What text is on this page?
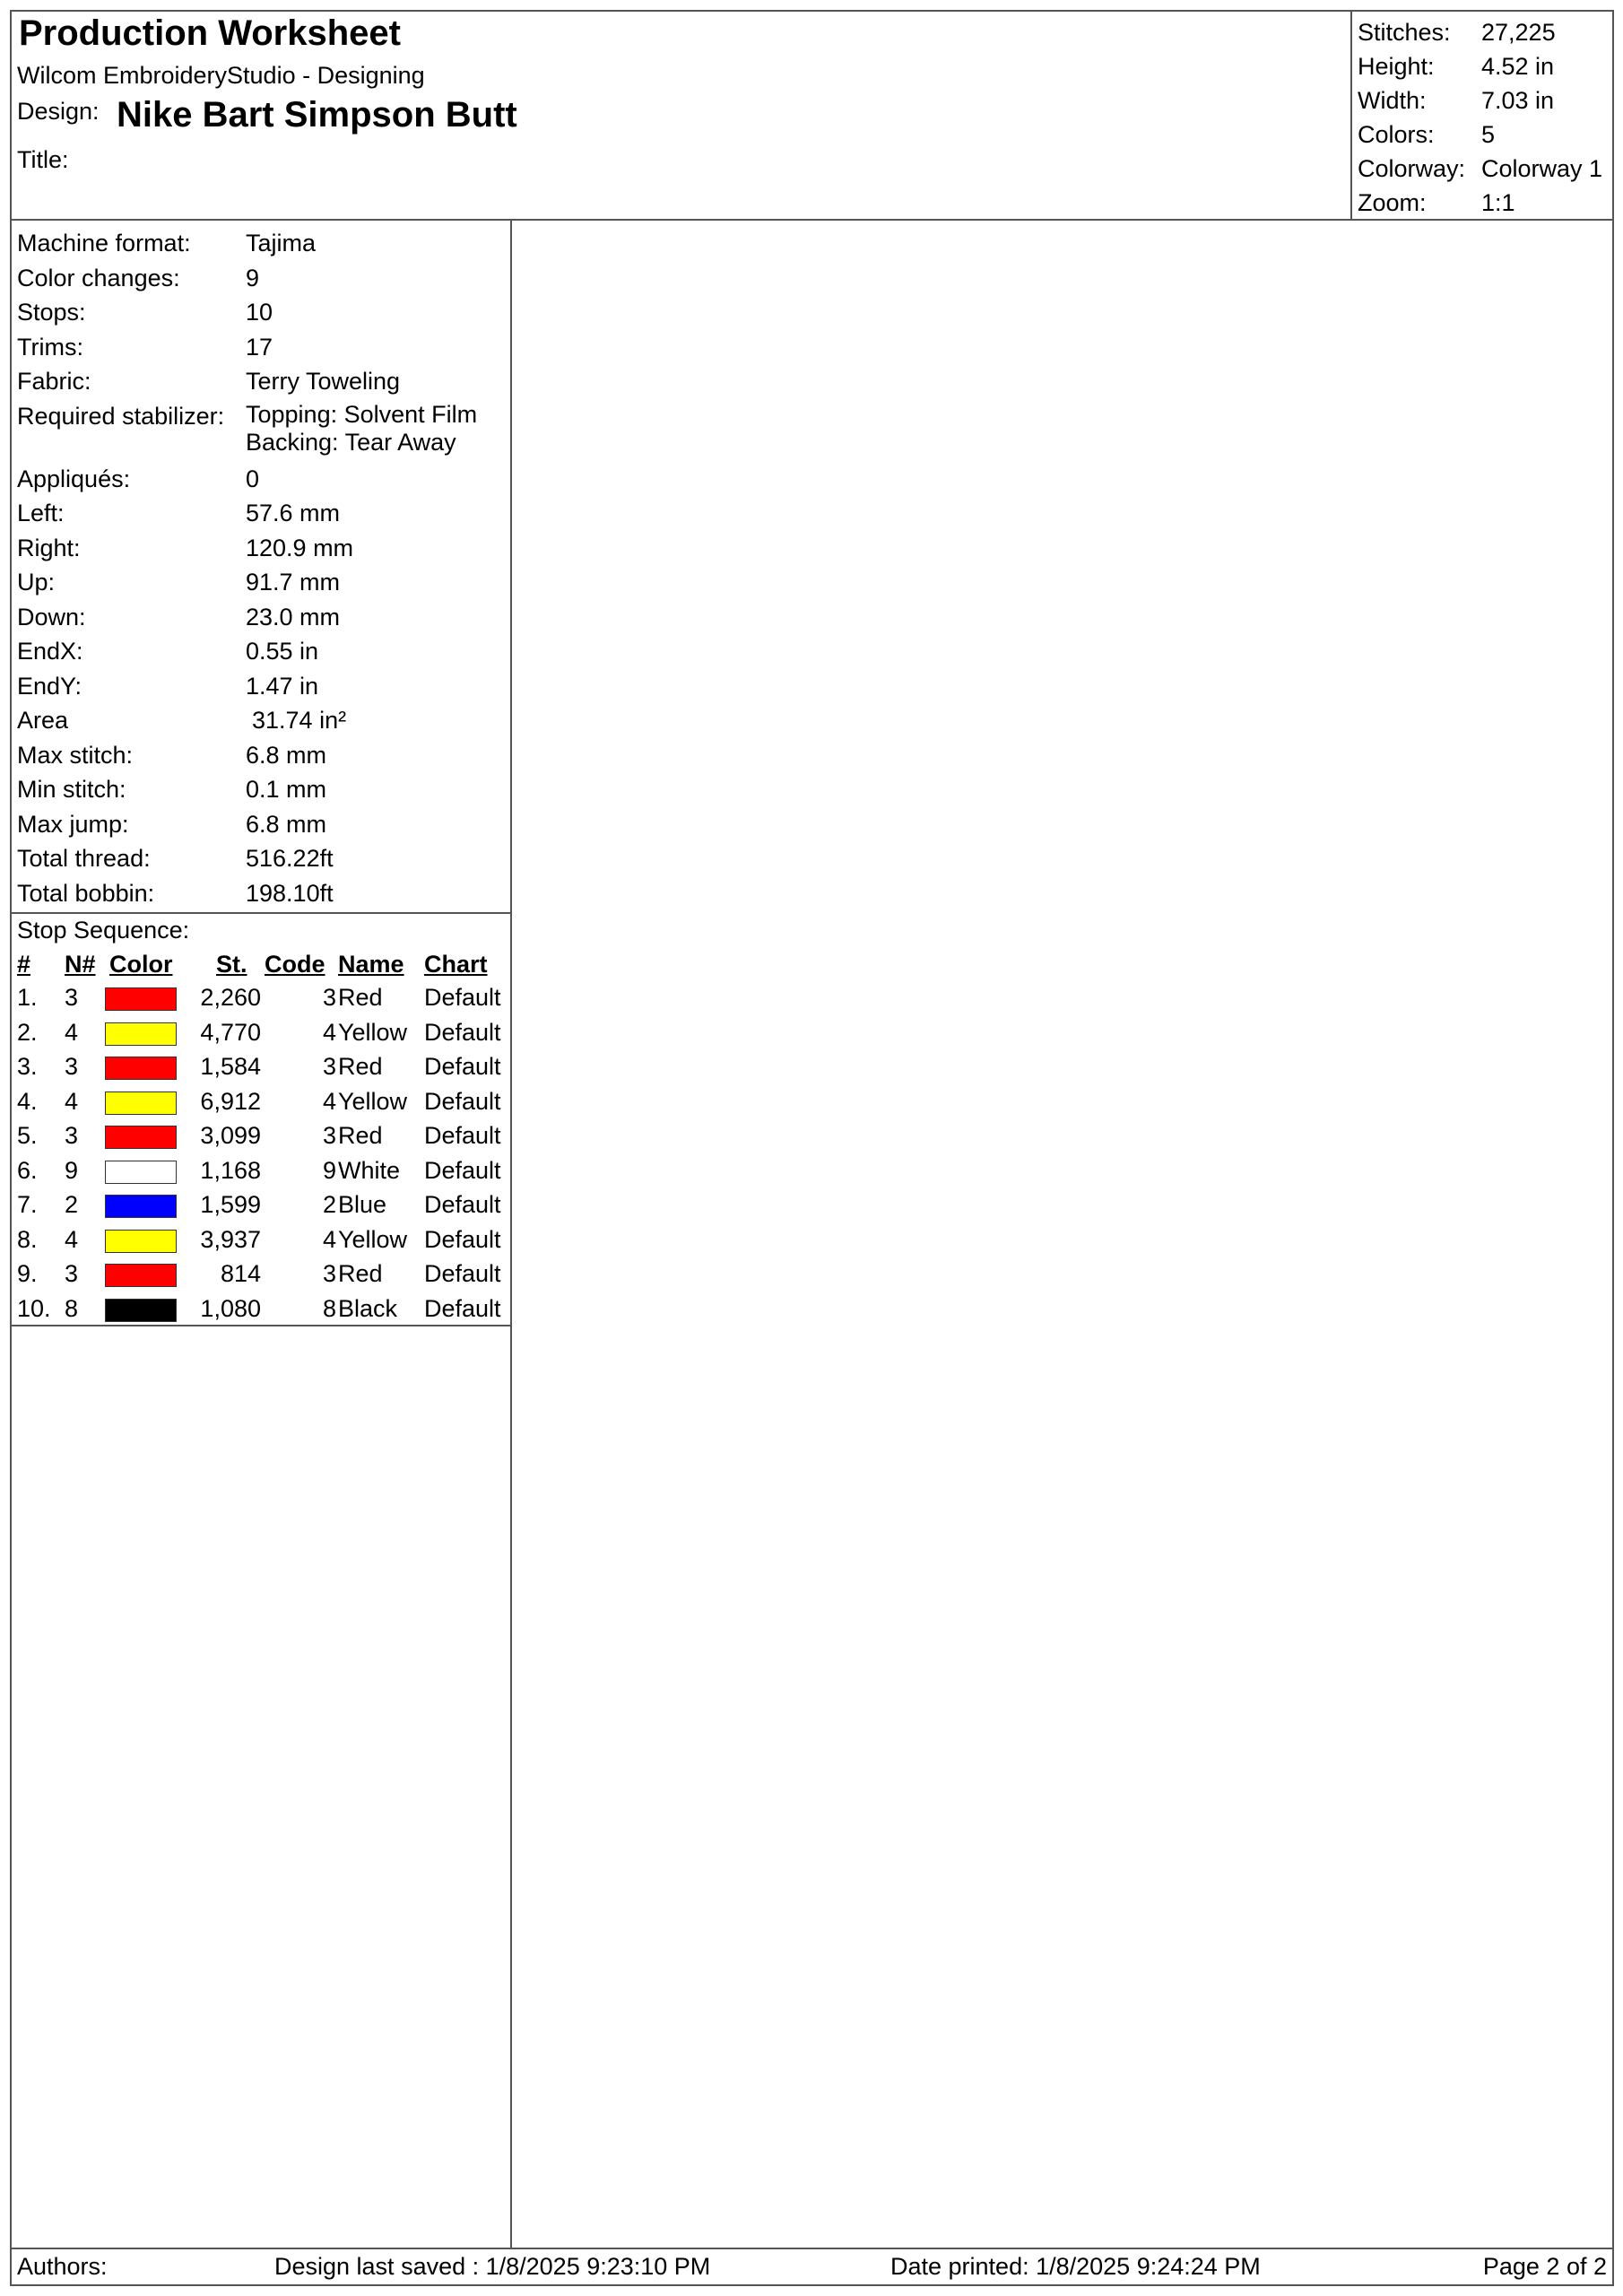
Production Worksheet
Wilcom EmbroideryStudio - Designing
Design: Nike Bart Simpson Butt
Title:
Stitches: 27,225
Height: 4.52 in
Width: 7.03 in
Colors: 5
Colorway: Colorway 1
Zoom: 1:1
Machine format: Tajima
Color changes:	9
Stops:	10
Trims:	17
Fabric:	Terry Toweling
Required stabilizer: Topping: Solvent Film
Backing: Tear Away
Appliqués:	0
Left:	57.6 mm
Right:	120.9 mm
Up:	91.7 mm
Down:	23.0 mm
EndX:	0.55 in
EndY:	1.47 in
Area	31.74 in²
Max stitch:	6.8 mm
Min stitch:	0.1 mm
Max jump:	6.8 mm
Total thread:	516.22ft
Total bobbin:	198.10ft
Stop Sequence:
# N# Color St. Code Name Chart
1.	3	2,260	3 Red	Default
2.	4	4,770	4 Yellow Default
3.	3	1,584	3 Red	Default
4.	4	6,912	4 Yellow Default
5.	3	3,099	3 Red	Default
6.	9	1,168	9 White Default
7.	2	1,599	2 Blue	Default
8.	4	3,937	4 Yellow Default
9.	3	814	3 Red	Default
10. 8	1,080	8 Black	Default
Authors:	Design last saved : 1/8/2025 9:23:10 PM	Date printed: 1/8/2025 9:24:24 PM	Page 2 of 2
